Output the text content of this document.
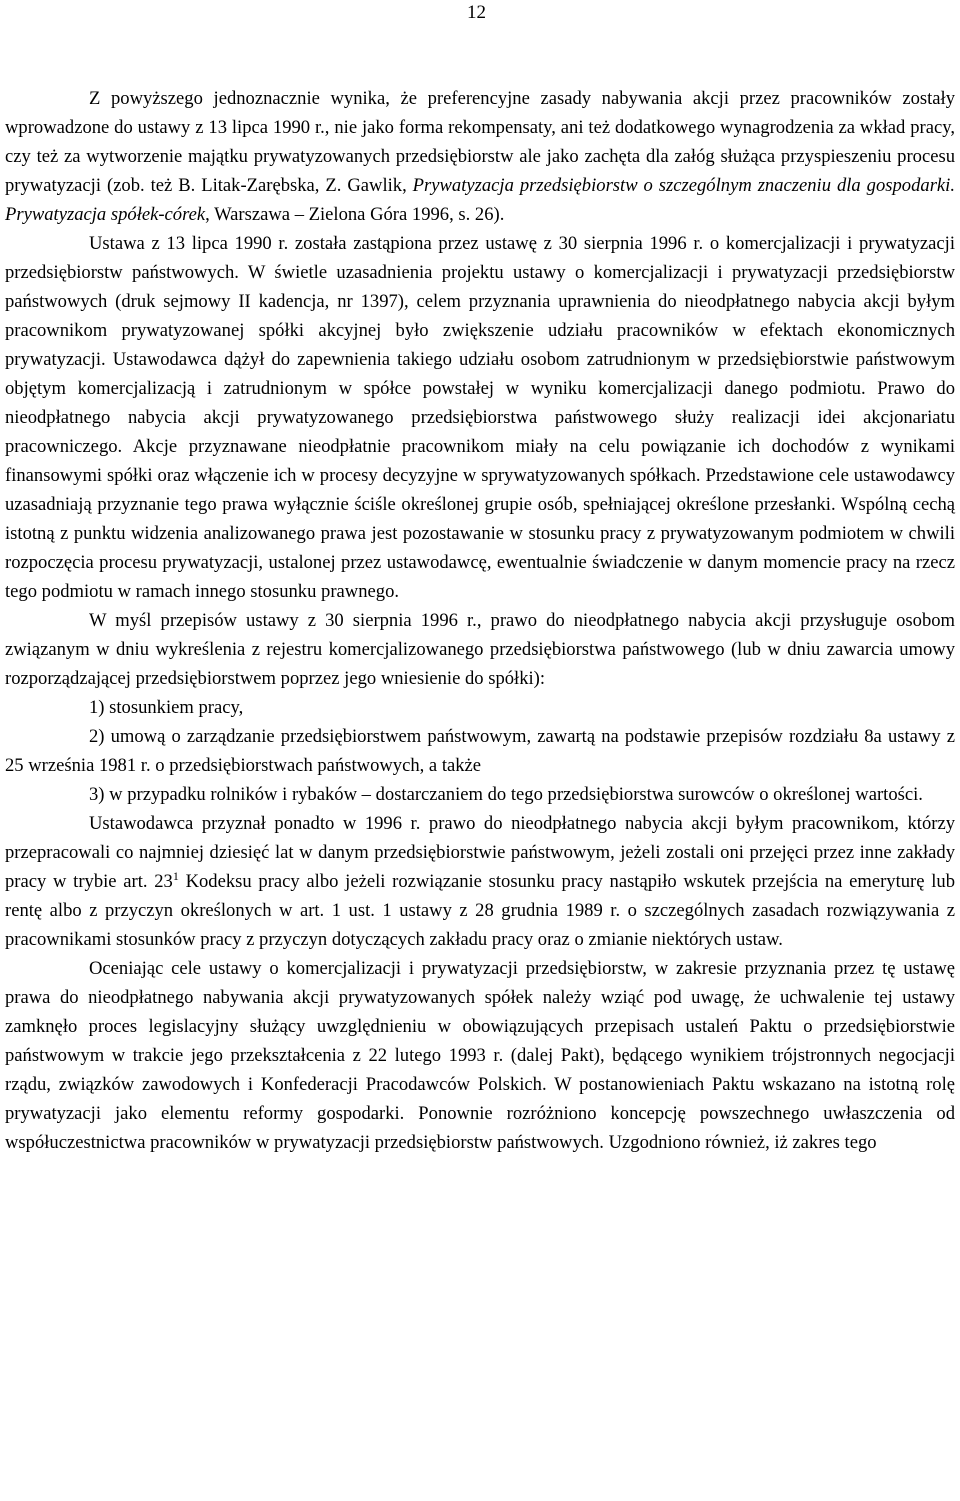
12

Z powyższego jednoznacznie wynika, że preferencyjne zasady nabywania akcji przez pracowników zostały wprowadzone do ustawy z 13 lipca 1990 r., nie jako forma rekompensaty, ani też dodatkowego wynagrodzenia za wkład pracy, czy też za wytworzenie majątku prywatyzowanych przedsiębiorstw ale jako zachęta dla załóg służąca przyspieszeniu procesu prywatyzacji (zob. też B. Litak-Zarębska, Z. Gawlik, Prywatyzacja przedsiębiorstw o szczególnym znaczeniu dla gospodarki. Prywatyzacja spółek-córek, Warszawa – Zielona Góra 1996, s. 26).

Ustawa z 13 lipca 1990 r. została zastąpiona przez ustawę z 30 sierpnia 1996 r. o komercjalizacji i prywatyzacji przedsiębiorstw państwowych. W świetle uzasadnienia projektu ustawy o komercjalizacji i prywatyzacji przedsiębiorstw państwowych (druk sejmowy II kadencja, nr 1397), celem przyznania uprawnienia do nieodpłatnego nabycia akcji byłym pracownikom prywatyzowanej spółki akcyjnej było zwiększenie udziału pracowników w efektach ekonomicznych prywatyzacji. Ustawodawca dążył do zapewnienia takiego udziału osobom zatrudnionym w przedsiębiorstwie państwowym objętym komercjalizacją i zatrudnionym w spółce powstałej w wyniku komercjalizacji danego podmiotu. Prawo do nieodpłatnego nabycia akcji prywatyzowanego przedsiębiorstwa państwowego służy realizacji idei akcjonariatu pracowniczego. Akcje przyznawane nieodpłatnie pracownikom miały na celu powiązanie ich dochodów z wynikami finansowymi spółki oraz włączenie ich w procesy decyzyjne w sprywatyzowanych spółkach. Przedstawione cele ustawodawcy uzasadniają przyznanie tego prawa wyłącznie ściśle określonej grupie osób, spełniającej określone przesłanki. Wspólną cechą istotną z punktu widzenia analizowanego prawa jest pozostawanie w stosunku pracy z prywatyzowanym podmiotem w chwili rozpoczęcia procesu prywatyzacji, ustalonej przez ustawodawcę, ewentualnie świadczenie w danym momencie pracy na rzecz tego podmiotu w ramach innego stosunku prawnego.

W myśl przepisów ustawy z 30 sierpnia 1996 r., prawo do nieodpłatnego nabycia akcji przysługuje osobom związanym w dniu wykreślenia z rejestru komercjalizowanego przedsiębiorstwa państwowego (lub w dniu zawarcia umowy rozporządzającej przedsiębiorstwem poprzez jego wniesienie do spółki):

1) stosunkiem pracy,

2) umową o zarządzanie przedsiębiorstwem państwowym, zawartą na podstawie przepisów rozdziału 8a ustawy z 25 września 1981 r. o przedsiębiorstwach państwowych, a także

3) w przypadku rolników i rybaków – dostarczaniem do tego przedsiębiorstwa surowców o określonej wartości.

Ustawodawca przyznał ponadto w 1996 r. prawo do nieodpłatnego nabycia akcji byłym pracownikom, którzy przepracowali co najmniej dziesięć lat w danym przedsiębiorstwie państwowym, jeżeli zostali oni przejęci przez inne zakłady pracy w trybie art. $23^1$ Kodeksu pracy albo jeżeli rozwiązanie stosunku pracy nastąpiło wskutek przejścia na emeryturę lub rentę albo z przyczyn określonych w art. 1 ust. 1 ustawy z 28 grudnia 1989 r. o szczególnych zasadach rozwiązywania z pracownikami stosunków pracy z przyczyn dotyczących zakładu pracy oraz o zmianie niektórych ustaw.

Oceniając cele ustawy o komercjalizacji i prywatyzacji przedsiębiorstw, w zakresie przyznania przez tę ustawę prawa do nieodpłatnego nabywania akcji prywatyzowanych spółek należy wziąć pod uwagę, że uchwalenie tej ustawy zamknęło proces legislacyjny służący uwzględnieniu w obowiązujących przepisach ustaleń Paktu o przedsiębiorstwie państwowym w trakcie jego przekształcenia z 22 lutego 1993 r. (dalej Pakt), będącego wynikiem trójstronnych negocjacji rządu, związków zawodowych i Konfederacji Pracodawców Polskich. W postanowieniach Paktu wskazano na istotną rolę prywatyzacji jako elementu reformy gospodarki. Ponownie rozróżniono koncepcję powszechnego uwłaszczenia od współuczestnictwa pracowników w prywatyzacji przedsiębiorstw państwowych. Uzgodniono również, iż zakres tego
